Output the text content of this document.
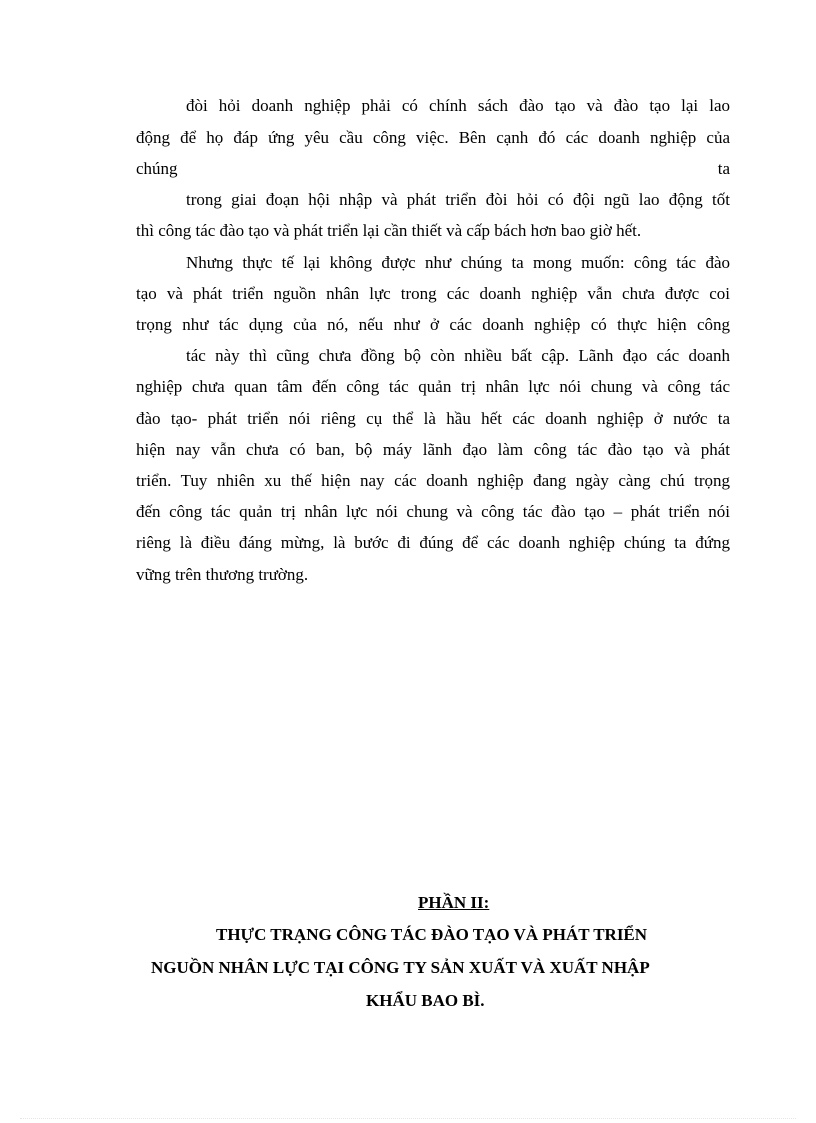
đòi hỏi doanh nghiệp phải có chính sách đào tạo và đào tạo lại lao
động để họ đáp ứng yêu cầu công việc. Bên cạnh đó các doanh nghiệp của
chúng ta
trong giai đoạn hội nhập và phát triển đòi hỏi có đội ngũ lao động tốt
thì công tác đào tạo và phát triển lại cần thiết và cấp bách hơn bao giờ hết.
Nhưng thực tế lại không được như chúng ta mong muốn: công tác đào
tạo và phát triển nguồn nhân lực trong các doanh nghiệp vẫn chưa được coi
trọng như tác dụng của nó, nếu như ở các doanh nghiệp có thực hiện công
tác này thì cũng chưa đồng bộ còn nhiều bất cập. Lãnh đạo các doanh
nghiệp chưa quan tâm đến công tác quản trị nhân lực nói chung và công tác
đào tạo- phát triển nói riêng cụ thể là hầu hết các doanh nghiệp ở nước ta
hiện nay vẫn chưa có ban, bộ máy lãnh đạo làm công tác đào tạo và phát
triển. Tuy nhiên xu thế hiện nay các doanh nghiệp đang ngày càng chú trọng
đến công tác quản trị nhân lực nói chung và công tác đào tạo – phát triển nói
riêng là điều đáng mừng, là bước đi đúng để các doanh nghiệp chúng ta đứng
vững trên thương trường.
PHẦN II:
THỰC TRẠNG CÔNG TÁC ĐÀO TẠO VÀ PHÁT TRIỂN
NGUỒN NHÂN LỰC TẠI CÔNG TY SẢN XUẤT VÀ XUẤT NHẬP
KHẨU BAO BÌ.
